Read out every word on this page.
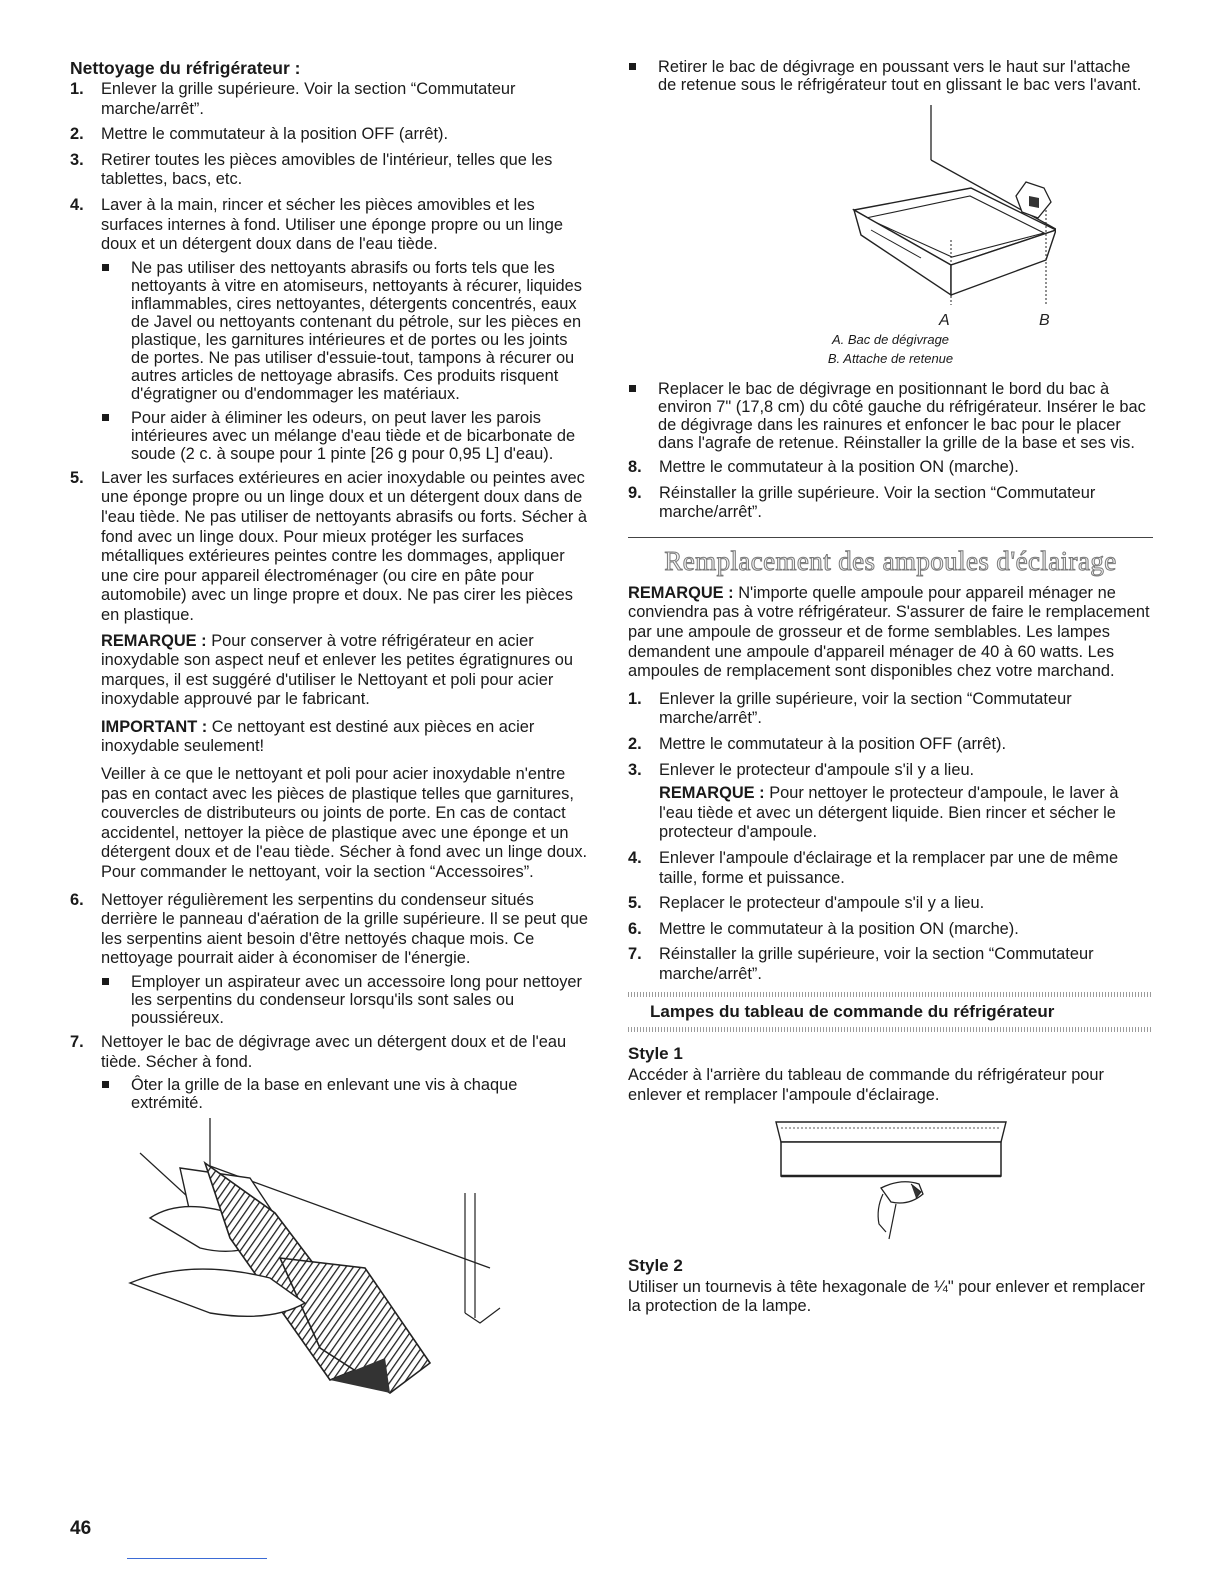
Nettoyage du réfrigérateur :
1. Enlever la grille supérieure. Voir la section “Commutateur marche/arrêt”.
2. Mettre le commutateur à la position OFF (arrêt).
3. Retirer toutes les pièces amovibles de l'intérieur, telles que les tablettes, bacs, etc.
4. Laver à la main, rincer et sécher les pièces amovibles et les surfaces internes à fond. Utiliser une éponge propre ou un linge doux et un détergent doux dans de l'eau tiède.
Ne pas utiliser des nettoyants abrasifs ou forts tels que les nettoyants à vitre en atomiseurs, nettoyants à récurer, liquides inflammables, cires nettoyantes, détergents concentrés, eaux de Javel ou nettoyants contenant du pétrole, sur les pièces en plastique, les garnitures intérieures et de portes ou les joints de portes. Ne pas utiliser d'essuie-tout, tampons à récurer ou autres articles de nettoyage abrasifs. Ces produits risquent d'égratigner ou d'endommager les matériaux.
Pour aider à éliminer les odeurs, on peut laver les parois intérieures avec un mélange d'eau tiède et de bicarbonate de soude (2 c. à soupe pour 1 pinte [26 g pour 0,95 L] d'eau).
5. Laver les surfaces extérieures en acier inoxydable ou peintes avec une éponge propre ou un linge doux et un détergent doux dans de l'eau tiède. Ne pas utiliser de nettoyants abrasifs ou forts. Sécher à fond avec un linge doux. Pour mieux protéger les surfaces métalliques extérieures peintes contre les dommages, appliquer une cire pour appareil électroménager (ou cire en pâte pour automobile) avec un linge propre et doux. Ne pas cirer les pièces en plastique.

REMARQUE : Pour conserver à votre réfrigérateur en acier inoxydable son aspect neuf et enlever les petites égratignures ou marques, il est suggéré d'utiliser le Nettoyant et poli pour acier inoxydable approuvé par le fabricant.

IMPORTANT : Ce nettoyant est destiné aux pièces en acier inoxydable seulement!

Veiller à ce que le nettoyant et poli pour acier inoxydable n'entre pas en contact avec les pièces de plastique telles que garnitures, couvercles de distributeurs ou joints de porte. En cas de contact accidentel, nettoyer la pièce de plastique avec une éponge et un détergent doux et de l'eau tiède. Sécher à fond avec un linge doux. Pour commander le nettoyant, voir la section “Accessoires”.

6. Nettoyer régulièrement les serpentins du condenseur situés derrière le panneau d'aération de la grille supérieure. Il se peut que les serpentins aient besoin d'être nettoyés chaque mois. Ce nettoyage pourrait aider à économiser de l'énergie.
Employer un aspirateur avec un accessoire long pour nettoyer les serpentins du condenseur lorsqu'ils sont sales ou poussiéreux.
7. Nettoyer le bac de dégivrage avec un détergent doux et de l'eau tiède. Sécher à fond.
Ôter la grille de la base en enlevant une vis à chaque extrémité.
Retirer le bac de dégivrage en poussant vers le haut sur l'attache de retenue sous le réfrigérateur tout en glissant le bac vers l'avant.
A	B
A. Bac de dégivrage
B. Attache de retenue
Replacer le bac de dégivrage en positionnant le bord du bac à environ 7" (17,8 cm) du côté gauche du réfrigérateur. Insérer le bac de dégivrage dans les rainures et enfoncer le bac pour le placer dans l'agrafe de retenue. Réinstaller la grille de la base et ses vis.
8. Mettre le commutateur à la position ON (marche).
9. Réinstaller la grille supérieure. Voir la section “Commutateur marche/arrêt”.
Remplacement des ampoules d'éclairage

REMARQUE : N'importe quelle ampoule pour appareil ménager ne conviendra pas à votre réfrigérateur. S'assurer de faire le remplacement par une ampoule de grosseur et de forme semblables. Les lampes demandent une ampoule d'appareil ménager de 40 à 60 watts. Les ampoules de remplacement sont disponibles chez votre marchand.

1. Enlever la grille supérieure, voir la section “Commutateur marche/arrêt”.
2. Mettre le commutateur à la position OFF (arrêt).
3. Enlever le protecteur d'ampoule s'il y a lieu.

REMARQUE : Pour nettoyer le protecteur d'ampoule, le laver à l'eau tiède et avec un détergent liquide. Bien rincer et sécher le protecteur d'ampoule.

4. Enlever l'ampoule d'éclairage et la remplacer par une de même taille, forme et puissance.
5. Replacer le protecteur d'ampoule s'il y a lieu.
6. Mettre le commutateur à la position ON (marche).
7. Réinstaller la grille supérieure, voir la section “Commutateur marche/arrêt”.
Lampes du tableau de commande du réfrigérateur
Style 1

Accéder à l'arrière du tableau de commande du réfrigérateur pour enlever et remplacer l'ampoule d'éclairage.

Style 2

Utiliser un tournevis à tête hexagonale de ¼" pour enlever et remplacer la protection de la lampe.

46
